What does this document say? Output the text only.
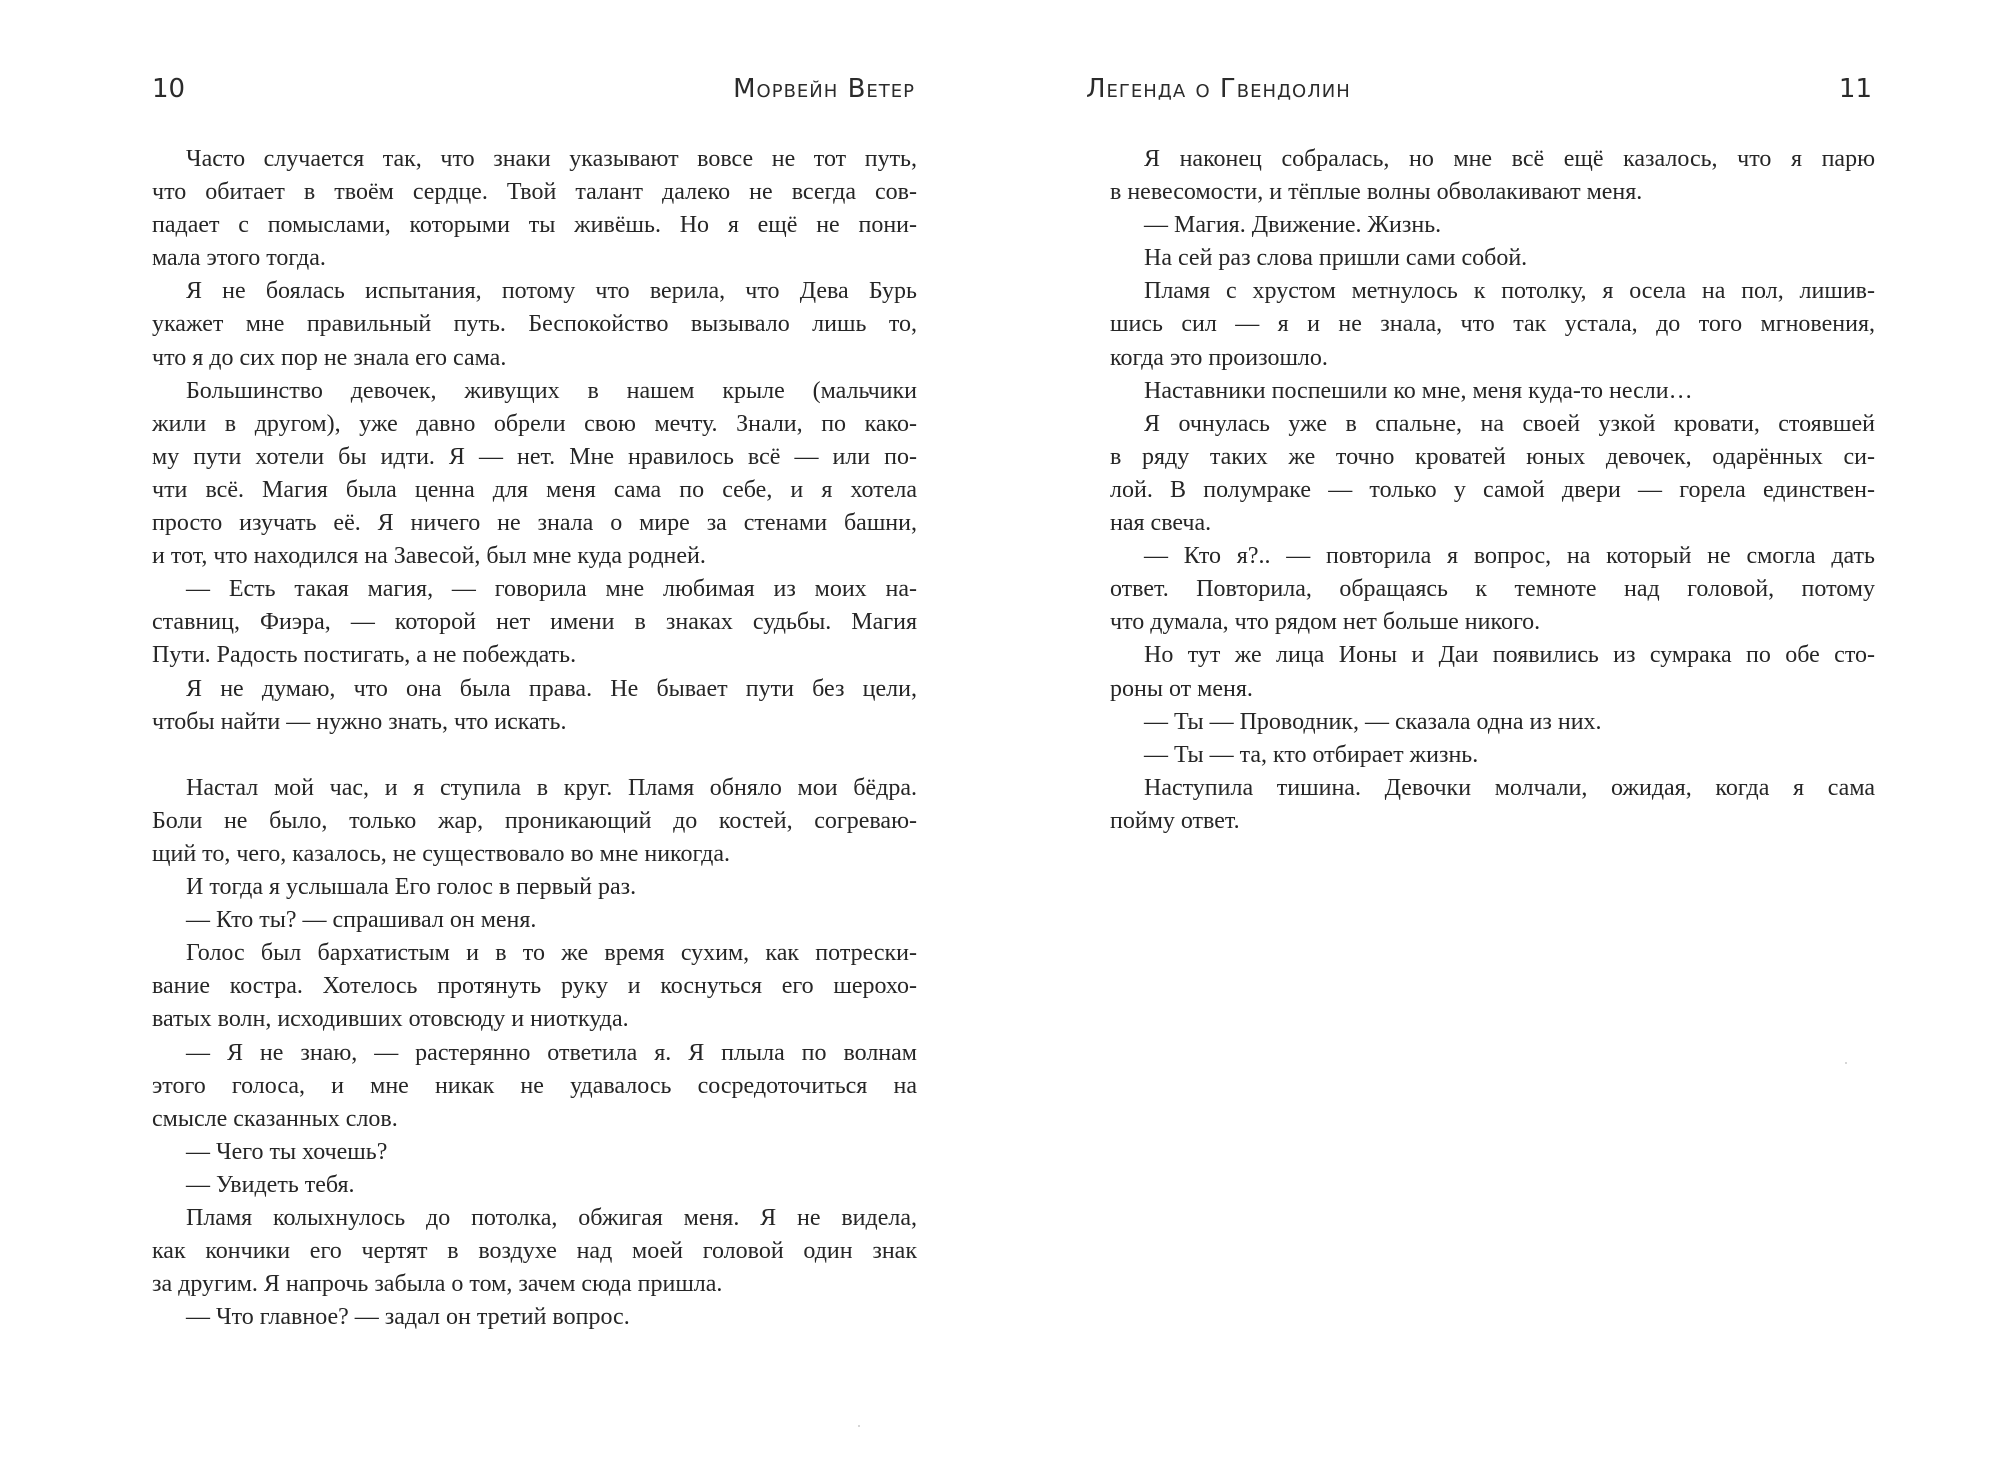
10	Морвейн Ветер
Часто случается так, что знаки указывают вовсе не тот путь,
что обитает в твоём сердце. Твой талант далеко не всегда сов-
падает с помыслами, которыми ты живёшь. Но я ещё не пони-
мала этого тогда.
Я не боялась испытания, потому что верила, что Дева Бурь
укажет мне правильный путь. Беспокойство вызывало лишь то,
что я до сих пор не знала его сама.
Большинство девочек, живущих в нашем крыле (мальчики
жили в другом), уже давно обрели свою мечту. Знали, по како-
му пути хотели бы идти. Я — нет. Мне нравилось всё — или по-
чти всё. Магия была ценна для меня сама по себе, и я хотела
просто изучать её. Я ничего не знала о мире за стенами башни,
и тот, что находился на Завесой, был мне куда родней.
— Есть такая магия, — говорила мне любимая из моих на-
ставниц, Фиэра, — которой нет имени в знаках судьбы. Магия
Пути. Радость постигать, а не побеждать.
Я не думаю, что она была права. Не бывает пути без цели,
чтобы найти — нужно знать, что искать.
Настал мой час, и я ступила в круг. Пламя обняло мои бёдра.
Боли не было, только жар, проникающий до костей, согреваю-
щий то, чего, казалось, не существовало во мне никогда.
И тогда я услышала Его голос в первый раз.
— Кто ты? — спрашивал он меня.
Голос был бархатистым и в то же время сухим, как потрески-
вание костра. Хотелось протянуть руку и коснуться его шерохо-
ватых волн, исходивших отовсюду и ниоткуда.
— Я не знаю, — растерянно ответила я. Я плыла по волнам
этого голоса, и мне никак не удавалось сосредоточиться на
смысле сказанных слов.
— Чего ты хочешь?
— Увидеть тебя.
Пламя колыхнулось до потолка, обжигая меня. Я не видела,
как кончики его чертят в воздухе над моей головой один знак
за другим. Я напрочь забыла о том, зачем сюда пришла.
— Что главное? — задал он третий вопрос.
Легенда о Гвендолин	11
Я наконец собралась, но мне всё ещё казалось, что я парю
в невесомости, и тёплые волны обволакивают меня.
— Магия. Движение. Жизнь.
На сей раз слова пришли сами собой.
Пламя с хрустом метнулось к потолку, я осела на пол, лишив-
шись сил — я и не знала, что так устала, до того мгновения,
когда это произошло.
Наставники поспешили ко мне, меня куда-то несли…
Я очнулась уже в спальне, на своей узкой кровати, стоявшей
в ряду таких же точно кроватей юных девочек, одарённых си-
лой. В полумраке — только у самой двери — горела единствен-
ная свеча.
— Кто я?.. — повторила я вопрос, на который не смогла дать
ответ. Повторила, обращаясь к темноте над головой, потому
что думала, что рядом нет больше никого.
Но тут же лица Ионы и Даи появились из сумрака по обе сто-
роны от меня.
— Ты — Проводник, — сказала одна из них.
— Ты — та, кто отбирает жизнь.
Наступила тишина. Девочки молчали, ожидая, когда я сама
пойму ответ.
